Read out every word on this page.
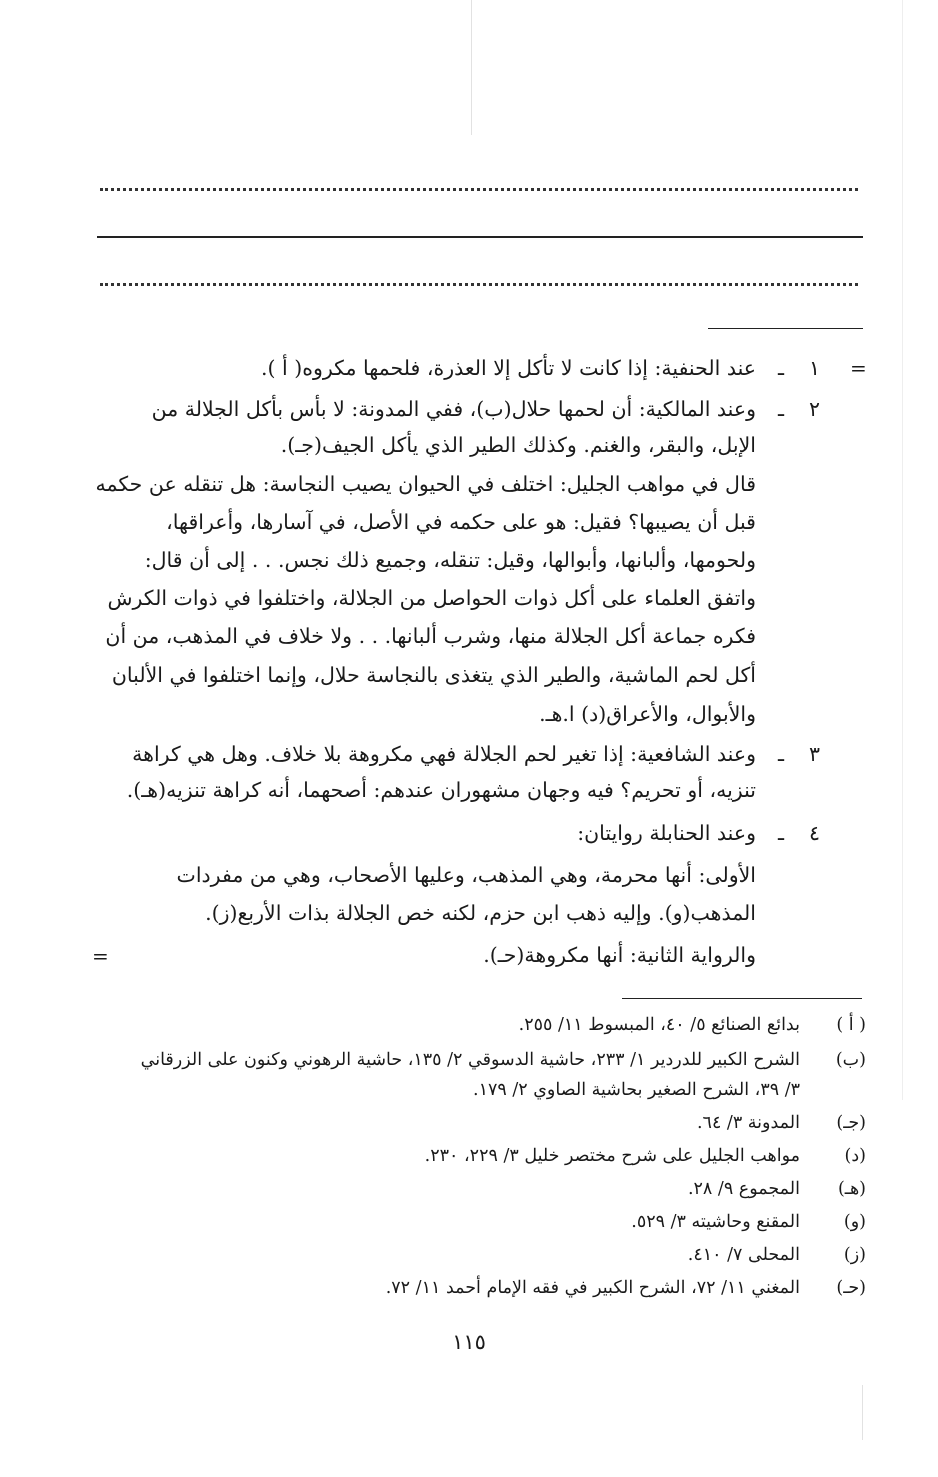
=
=
١
ـ
٢
ـ
٣
ـ
٤
ـ
عند الحنفية: إذا كانت لا تأكل إلا العذرة، فلحمها مكروه( أ ).
وعند المالكية: أن لحمها حلال(ب)، ففي المدونة: لا بأس بأكل الجلالة من
الإبل، والبقر، والغنم. وكذلك الطير الذي يأكل الجيف(جـ).
قال في مواهب الجليل: اختلف في الحيوان يصيب النجاسة: هل تنقله عن حكمه
قبل أن يصيبها؟ فقيل: هو على حكمه في الأصل، في آسارها، وأعراقها،
ولحومها، وألبانها، وأبوالها، وقيل: تنقله، وجميع ذلك نجس. . . إلى أن قال:
واتفق العلماء على أكل ذوات الحواصل من الجلالة، واختلفوا في ذوات الكرش
فكره جماعة أكل الجلالة منها، وشرب ألبانها. . . ولا خلاف في المذهب، من أن
أكل لحم الماشية، والطير الذي يتغذى بالنجاسة حلال، وإنما اختلفوا في الألبان
والأبوال، والأعراق(د) ا.هـ.
وعند الشافعية: إذا تغير لحم الجلالة فهي مكروهة بلا خلاف. وهل هي كراهة
تنزيه، أو تحريم؟ فيه وجهان مشهوران عندهم: أصحهما، أنه كراهة تنزيه(هـ).
وعند الحنابلة روايتان:
الأولى: أنها محرمة، وهي المذهب، وعليها الأصحاب، وهي من مفردات
المذهب(و). وإليه ذهب ابن حزم، لكنه خص الجلالة بذات الأربع(ز).
والرواية الثانية: أنها مكروهة(حـ).
( أ )
(ب)
(جـ)
(د)
(هـ)
(و)
(ز)
(حـ)
بدائع الصنائع ٥/ ٤٠، المبسوط ١١/ ٢٥٥.
الشرح الكبير للدردير ١/ ٢٣٣، حاشية الدسوقي ٢/ ١٣٥، حاشية الرهوني وكنون على الزرقاني
٣/ ٣٩، الشرح الصغير بحاشية الصاوي ٢/ ١٧٩.
المدونة ٣/ ٦٤.
مواهب الجليل على شرح مختصر خليل ٣/ ٢٢٩، ٢٣٠.
المجموع ٩/ ٢٨.
المقنع وحاشيته ٣/ ٥٢٩.
المحلى ٧/ ٤١٠.
المغني ١١/ ٧٢، الشرح الكبير في فقه الإمام أحمد ١١/ ٧٢.
١١٥
